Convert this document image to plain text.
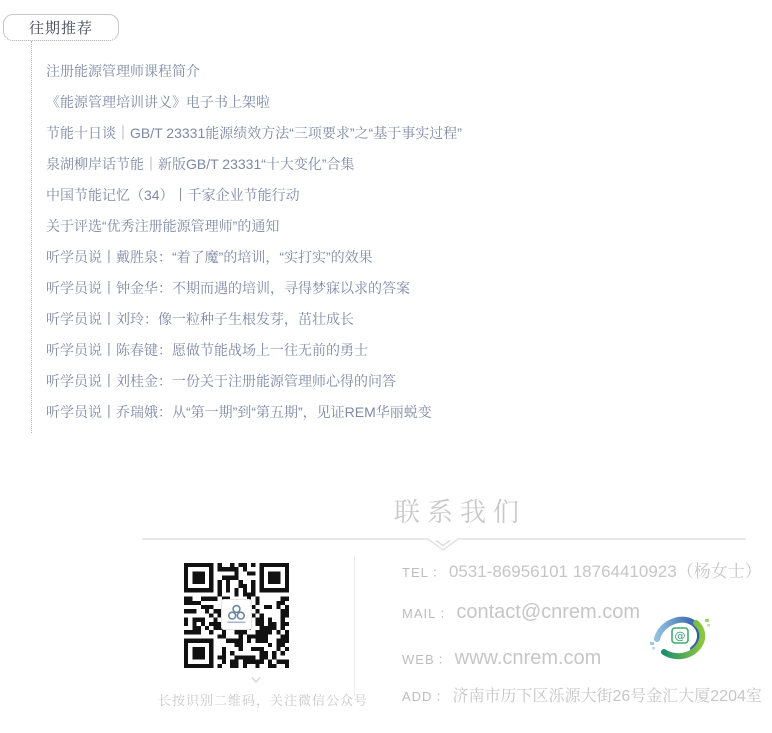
往期推荐
注册能源管理师课程简介
《能源管理培训讲义》电子书上架啦
节能十日谈｜GB/T 23331能源绩效方法“三项要求”之“基于事实过程”
泉湖柳岸话节能｜新版GB/T 23331“十大变化”合集
中国节能记忆（34）丨千家企业节能行动
关于评选“优秀注册能源管理师”的通知
听学员说丨戴胜泉：“着了魔”的培训，“实打实”的效果
听学员说丨钟金华：不期而遇的培训，寻得梦寐以求的答案
听学员说丨刘玲：像一粒种子生根发芽，茁壮成长
听学员说丨陈春键：愿做节能战场上一往无前的勇士
听学员说丨刘桂金：一份关于注册能源管理师心得的问答
听学员说丨乔瑞娥：从“第一期”到“第五期”，见证REM华丽蜕变
联系我们
长按识别二维码，关注微信公众号
TEL ： 0531-86956101 18764410923（杨女士）
MAIL ： contact@cnrem.com
WEB ： www.cnrem.com
ADD ： 济南市历下区泺源大街26号金汇大厦2204室
@
